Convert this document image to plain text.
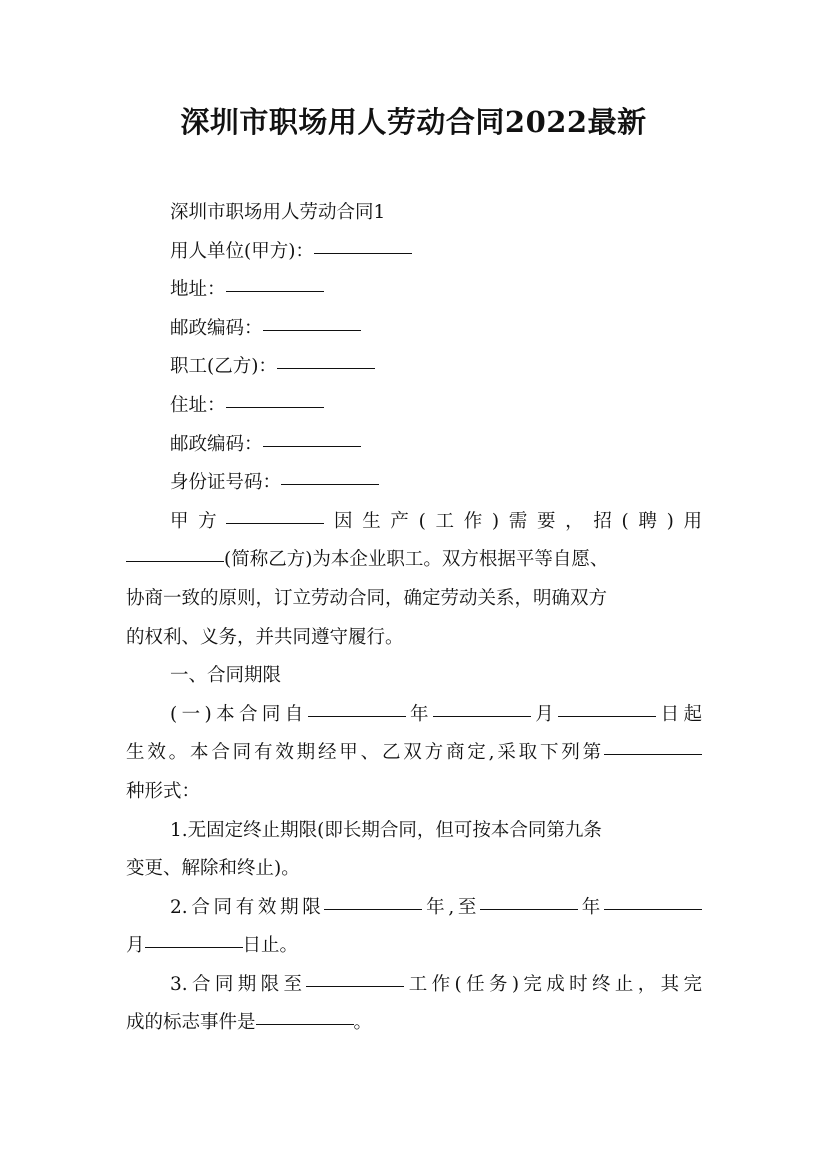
深圳市职场用人劳动合同2022最新
深圳市职场用人劳动合同1
用人单位(甲方)：
地址：
邮政编码：
职工(乙方)：
住址：
邮政编码：
身份证号码：
甲方	因生产(工作)需要，招(聘)用
(简称乙方)为本企业职工。双方根据平等自愿、
协商一致的原则，订立劳动合同，确定劳动关系，明确双方
的权利、义务，并共同遵守履行。
一、合同期限
(一)本合同自	年	月	日起
生效。本合同有效期经甲、乙双方商定,采取下列第
种形式：
1.无固定终止期限(即长期合同，但可按本合同第九条
变更、解除和终止)。
2.合同有效期限	年,至	年
月	日止。
3.合同期限至	工作(任务)完成时终止，其完
成的标志事件是	。
